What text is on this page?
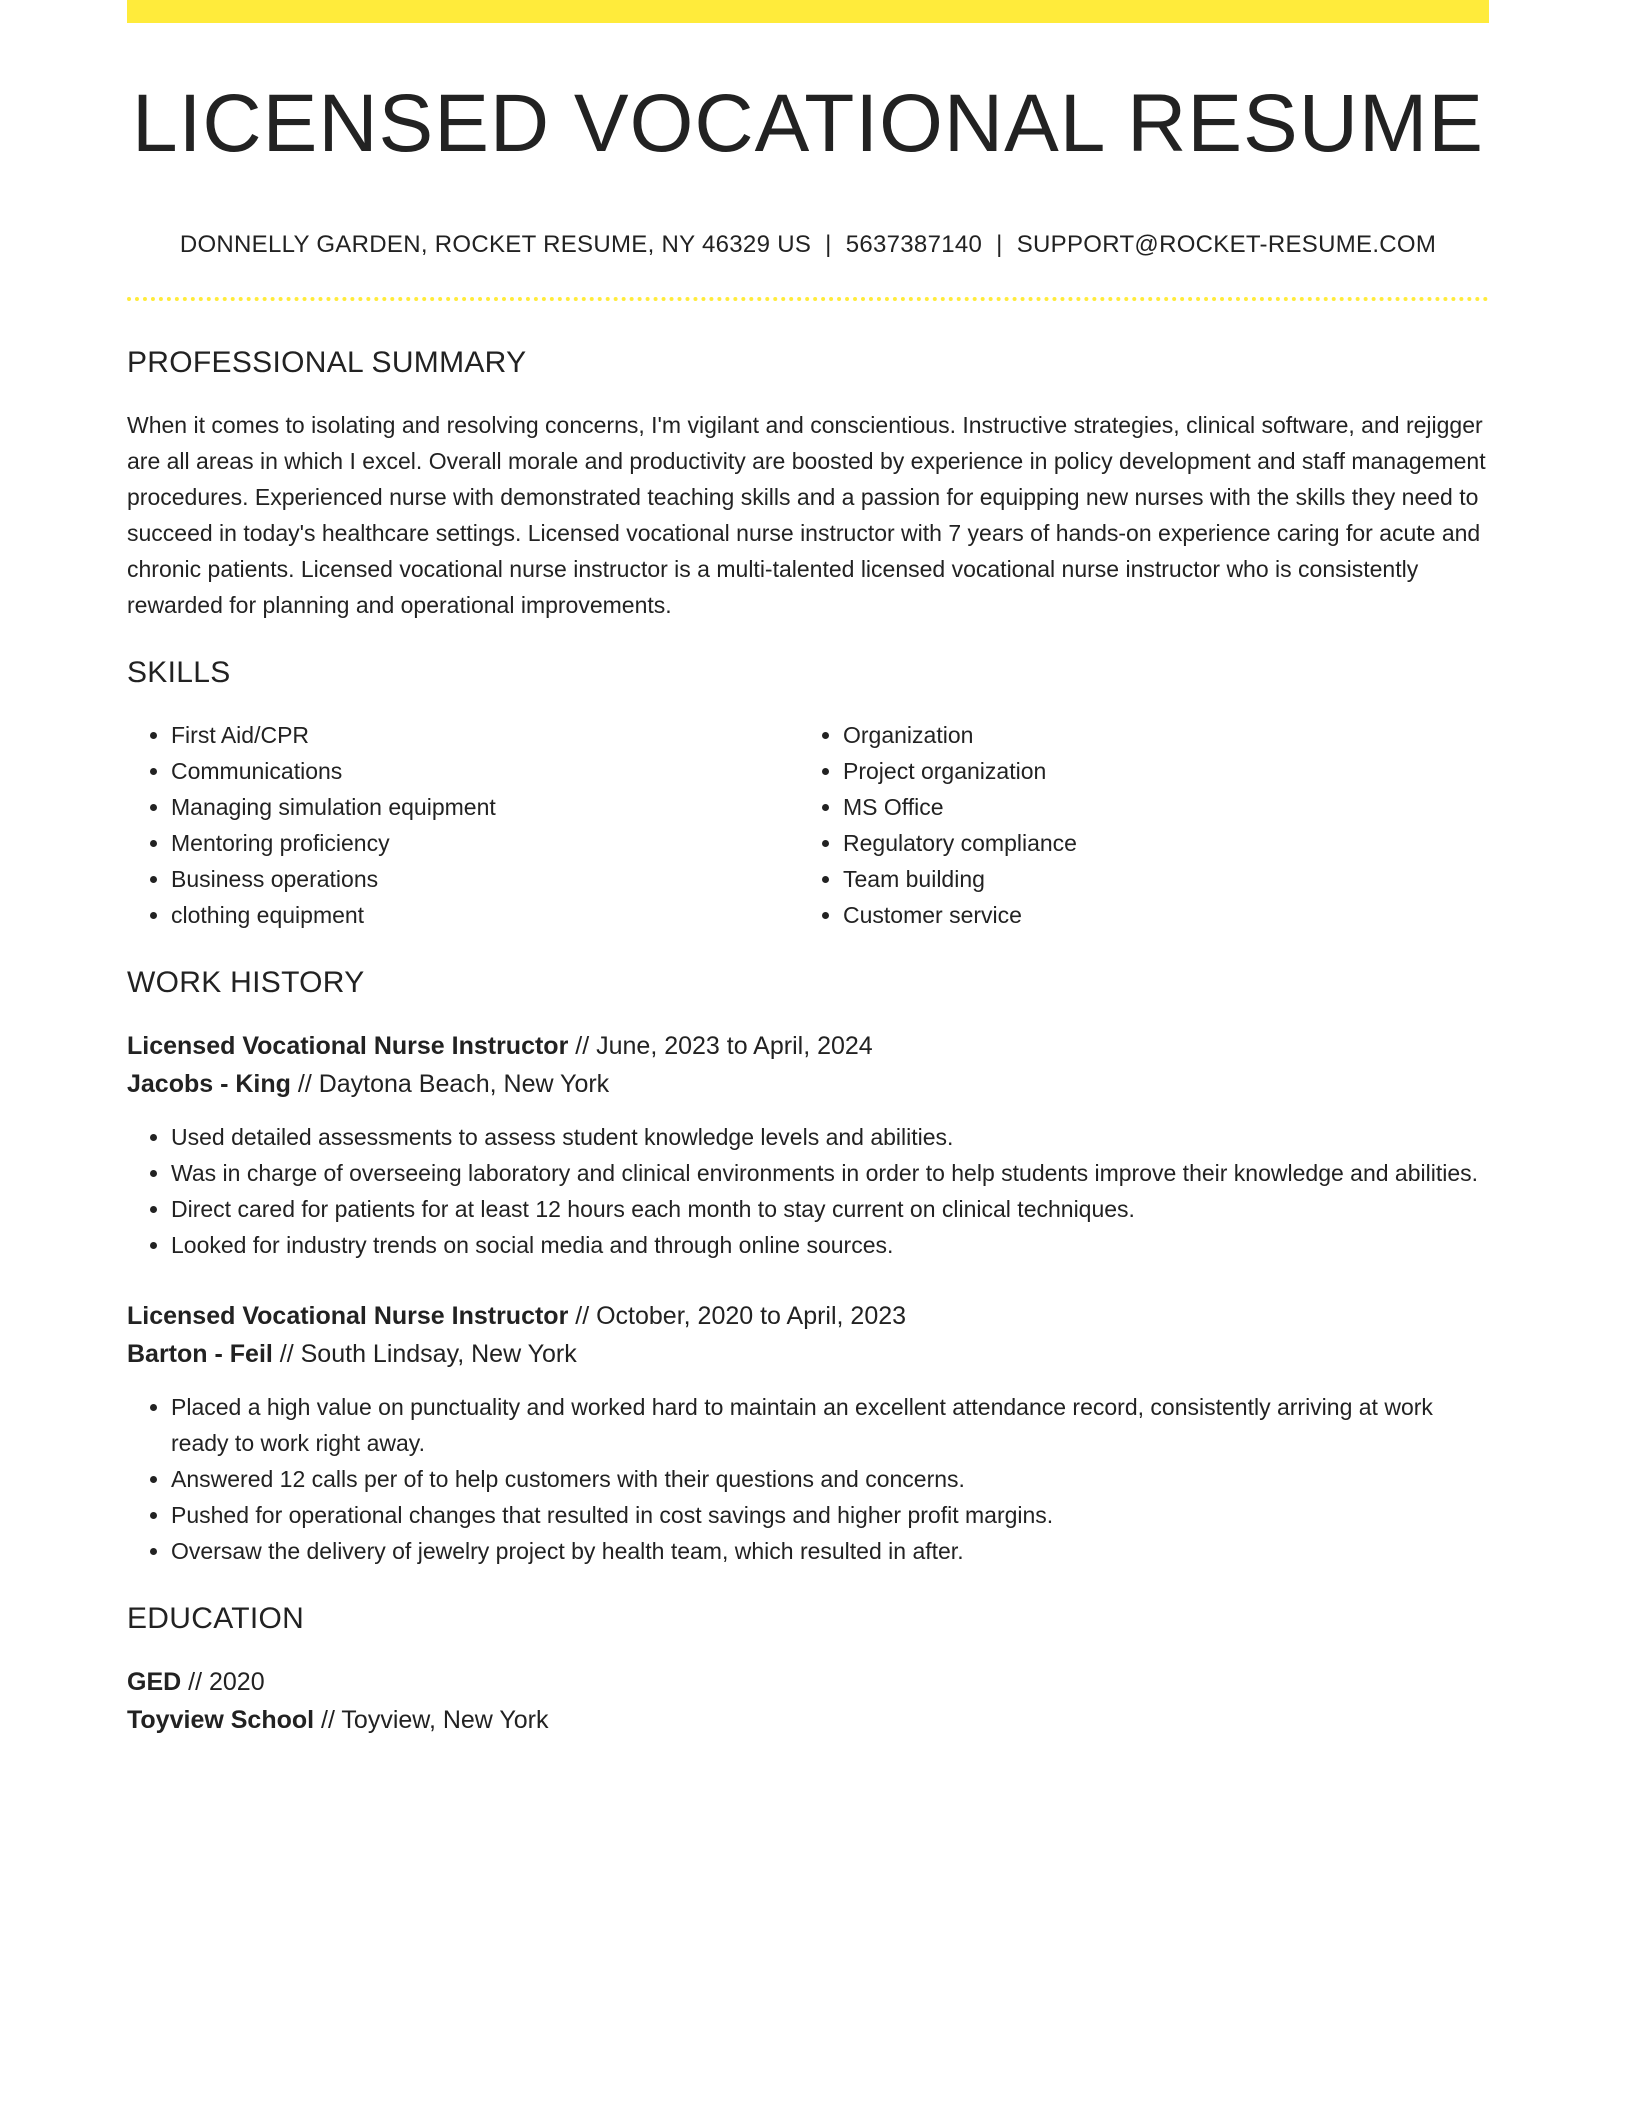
LICENSED VOCATIONAL RESUME
DONNELLY GARDEN, ROCKET RESUME, NY 46329 US | 5637387140 | SUPPORT@ROCKET-RESUME.COM
PROFESSIONAL SUMMARY
When it comes to isolating and resolving concerns, I'm vigilant and conscientious. Instructive strategies, clinical software, and rejigger are all areas in which I excel. Overall morale and productivity are boosted by experience in policy development and staff management procedures. Experienced nurse with demonstrated teaching skills and a passion for equipping new nurses with the skills they need to succeed in today's healthcare settings. Licensed vocational nurse instructor with 7 years of hands-on experience caring for acute and chronic patients. Licensed vocational nurse instructor is a multi-talented licensed vocational nurse instructor who is consistently rewarded for planning and operational improvements.
SKILLS
• First Aid/CPR
• Communications
• Managing simulation equipment
• Mentoring proficiency
• Business operations
• clothing equipment
• Organization
• Project organization
• MS Office
• Regulatory compliance
• Team building
• Customer service
WORK HISTORY
Licensed Vocational Nurse Instructor // June, 2023 to April, 2024
Jacobs - King // Daytona Beach, New York
• Used detailed assessments to assess student knowledge levels and abilities.
• Was in charge of overseeing laboratory and clinical environments in order to help students improve their knowledge and abilities.
• Direct cared for patients for at least 12 hours each month to stay current on clinical techniques.
• Looked for industry trends on social media and through online sources.
Licensed Vocational Nurse Instructor // October, 2020 to April, 2023
Barton - Feil // South Lindsay, New York
• Placed a high value on punctuality and worked hard to maintain an excellent attendance record, consistently arriving at work ready to work right away.
• Answered 12 calls per of to help customers with their questions and concerns.
• Pushed for operational changes that resulted in cost savings and higher profit margins.
• Oversaw the delivery of jewelry project by health team, which resulted in after.
EDUCATION
GED // 2020
Toyview School // Toyview, New York
